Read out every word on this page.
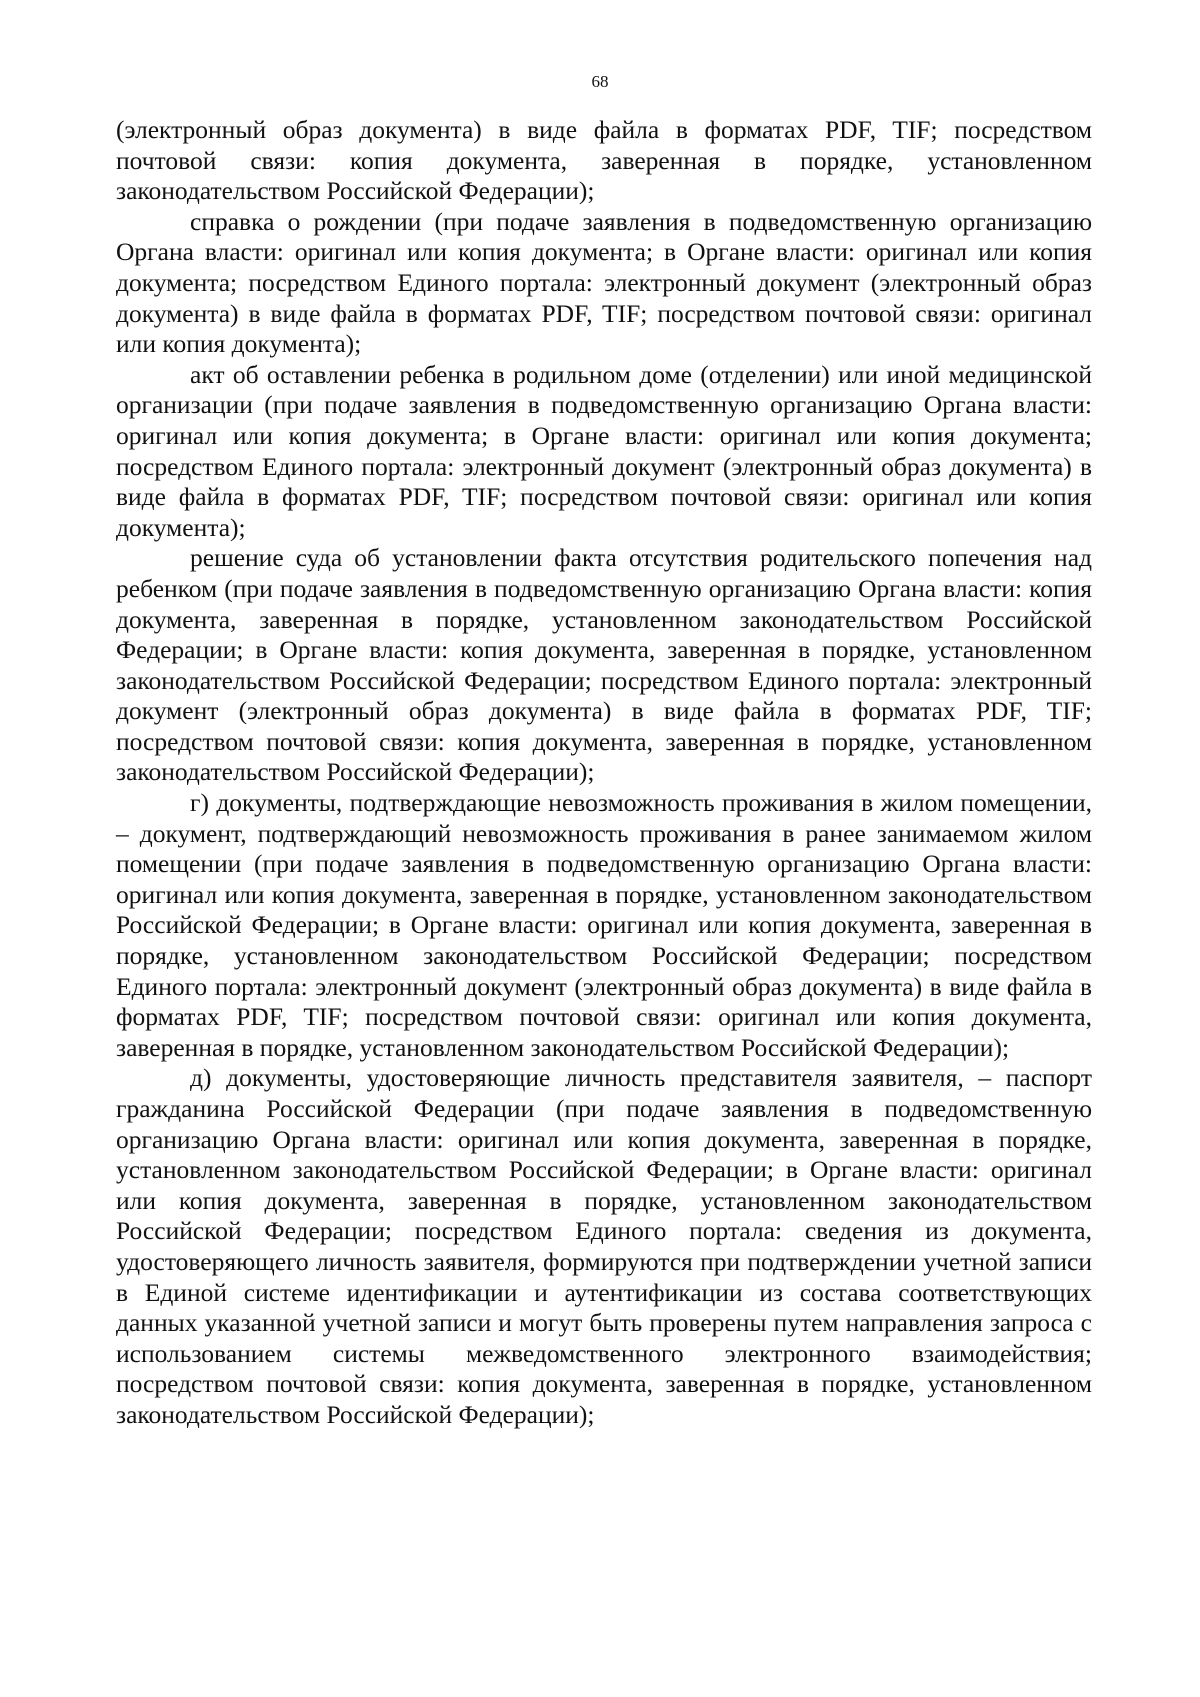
68

(электронный образ документа) в виде файла в форматах PDF, TIF; посредством почтовой связи: копия документа, заверенная в порядке, установленном законодательством Российской Федерации);

справка о рождении (при подаче заявления в подведомственную организацию Органа власти: оригинал или копия документа; в Органе власти: оригинал или копия документа; посредством Единого портала: электронный документ (электронный образ документа) в виде файла в форматах PDF, TIF; посредством почтовой связи: оригинал или копия документа);

акт об оставлении ребенка в родильном доме (отделении) или иной медицинской организации (при подаче заявления в подведомственную организацию Органа власти: оригинал или копия документа; в Органе власти: оригинал или копия документа; посредством Единого портала: электронный документ (электронный образ документа) в виде файла в форматах PDF, TIF; посредством почтовой связи: оригинал или копия документа);

решение суда об установлении факта отсутствия родительского попечения над ребенком (при подаче заявления в подведомственную организацию Органа власти: копия документа, заверенная в порядке, установленном законодательством Российской Федерации; в Органе власти: копия документа, заверенная в порядке, установленном законодательством Российской Федерации; посредством Единого портала: электронный документ (электронный образ документа) в виде файла в форматах PDF, TIF; посредством почтовой связи: копия документа, заверенная в порядке, установленном законодательством Российской Федерации);

г) документы, подтверждающие невозможность проживания в жилом помещении, – документ, подтверждающий невозможность проживания в ранее занимаемом жилом помещении (при подаче заявления в подведомственную организацию Органа власти: оригинал или копия документа, заверенная в порядке, установленном законодательством Российской Федерации; в Органе власти: оригинал или копия документа, заверенная в порядке, установленном законодательством Российской Федерации; посредством Единого портала: электронный документ (электронный образ документа) в виде файла в форматах PDF, TIF; посредством почтовой связи: оригинал или копия документа, заверенная в порядке, установленном законодательством Российской Федерации);

д) документы, удостоверяющие личность представителя заявителя, – паспорт гражданина Российской Федерации (при подаче заявления в подведомственную организацию Органа власти: оригинал или копия документа, заверенная в порядке, установленном законодательством Российской Федерации; в Органе власти: оригинал или копия документа, заверенная в порядке, установленном законодательством Российской Федерации; посредством Единого портала: сведения из документа, удостоверяющего личность заявителя, формируются при подтверждении учетной записи в Единой системе идентификации и аутентификации из состава соответствующих данных указанной учетной записи и могут быть проверены путем направления запроса с использованием системы межведомственного электронного взаимодействия; посредством почтовой связи: копия документа, заверенная в порядке, установленном законодательством Российской Федерации);
